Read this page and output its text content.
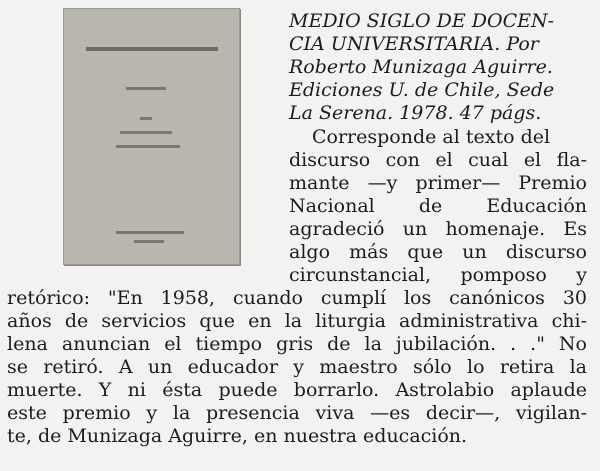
MEDIO SIGLO DE DOCEN-
CIA UNIVERSITARIA. Por
Roberto Munizaga Aguirre.
Ediciones U. de Chile, Sede
La Serena. 1978. 47 págs.
Corresponde al texto del
discurso con el cual el fla-
mante —y primer— Premio
Nacional de Educación
agradeció un homenaje. Es
algo más que un discurso
circunstancial, pomposo y
retórico: "En 1958, cuando cumplí los canónicos 30
años de servicios que en la liturgia administrativa chi-
lena anuncian el tiempo gris de la jubilación. . ." No
se retiró. A un educador y maestro sólo lo retira la
muerte. Y ni ésta puede borrarlo. Astrolabio aplaude
este premio y la presencia viva —es decir—, vigilan-
te, de Munizaga Aguirre, en nuestra educación.
